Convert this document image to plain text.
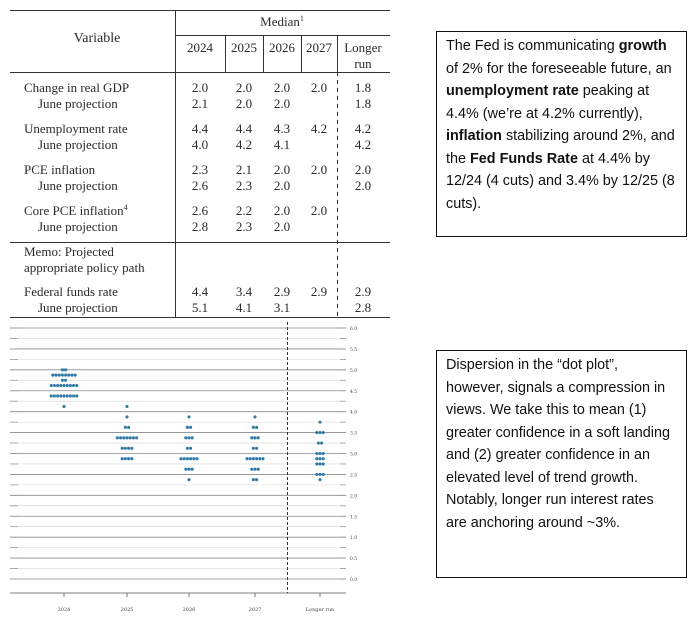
Median$^1$
Variable
2024 2025 2026 2027 Longer
run
Change in real GDP	2.0 2.0 2.0 2.0 1.8
June projection	2.1 2.0 2.0	1.8
Unemployment rate	4.4 4.4 4.3 4.2 4.2
June projection	4.0 4.2 4.1	4.2
PCE inflation	2.3 2.1 2.0 2.0 2.0
June projection	2.6 2.3 2.0	2.0
Core PCE inflation$^4$	2.6 2.2 2.0 2.0
June projection	2.8 2.3 2.0
Memo: Projected
appropriate policy path
Federal funds rate	4.4 3.4 2.9 2.9 2.9
June projection	5.1 4.1 3.1	2.8
6.0
5.5
5.0
4.5
4.0
3.5
3.0
2.5
2.0
1.5
1.0
0.5
0.0
2024	2025	2026	2027	Longer run
The Fed is communicating growth of 2% for the foreseeable future, an unemployment rate peaking at 4.4% (we’re at 4.2% currently), inflation stabilizing around 2%, and the Fed Funds Rate at 4.4% by 12/24 (4 cuts) and 3.4% by 12/25 (8 cuts).
Dispersion in the “dot plot”, however, signals a compression in views. We take this to mean (1) greater confidence in a soft landing and (2) greater confidence in an elevated level of trend growth. Notably, longer run interest rates are anchoring around ~3%.
